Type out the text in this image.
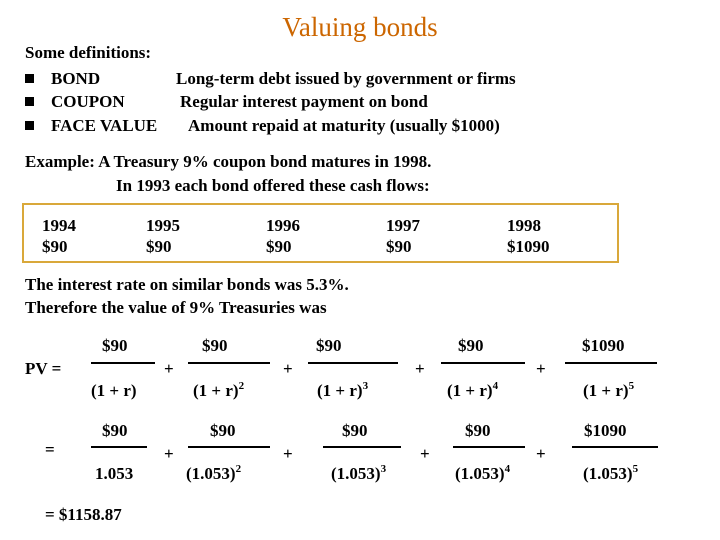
Valuing bonds
Some definitions:
BOND	Long-term debt issued by government or firms
COUPON	Regular interest payment on bond
FACE VALUE Amount repaid at maturity (usually $1000)
Example: A Treasury 9% coupon bond matures in 1998.
In 1993 each bond offered these cash flows:
1994
$90
1995
$90
1996
$90
1997
$90
1998
$1090
The interest rate on similar bonds was 5.3%.
Therefore the value of 9% Treasuries was
PV =
$90
(1 + r)
+
$90
$(1 + r)^2$
+
$90
$(1 + r)^3$
+
$90
$(1 + r)^4$
+
$1090
$(1 + r)^5$
=
$90
1.053
+
$90
$(1.053)^2$
+
$90
$(1.053)^3$
+
$90
$(1.053)^4$
+
$1090
$(1.053)^5$
= $1158.87
